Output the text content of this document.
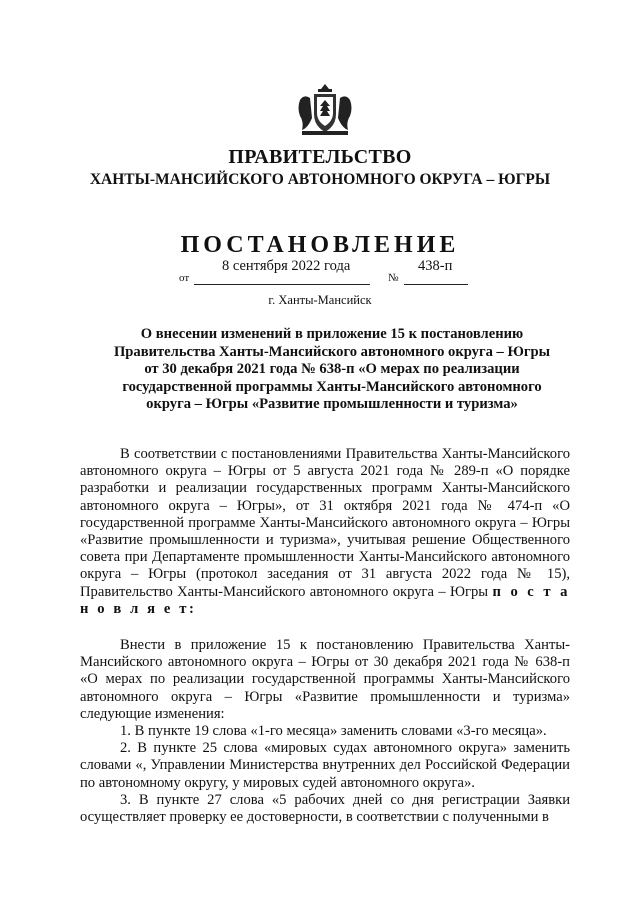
ПРАВИТЕЛЬСТВО
ХАНТЫ-МАНСИЙСКОГО АВТОНОМНОГО ОКРУГА – ЮГРЫ
ПОСТАНОВЛЕНИЕ
от
8 сентября 2022 года
№
438-п
г. Ханты-Мансийск
О внесении изменений в приложение 15 к постановлению
Правительства Ханты-Мансийского автономного округа – Югры
от 30 декабря 2021 года № 638-п «О мерах по реализации
государственной программы Ханты-Мансийского автономного
округа – Югры «Развитие промышленности и туризма»

В соответствии с постановлениями Правительства Ханты-Мансийского автономного округа – Югры от 5 августа 2021 года № 289-п «О порядке разработки и реализации государственных программ Ханты-Мансийского автономного округа – Югры», от 31 октября 2021 года № 474-п «О государственной программе Ханты-Мансийского автономного округа – Югры «Развитие промышленности и туризма», учитывая решение Общественного совета при Департаменте промышленности Ханты-Мансийского автономного округа – Югры (протокол заседания от 31 августа 2022 года № 15), Правительство Ханты-Мансийского автономного округа – Югры п о с т а н о в л я е т:

Внести в приложение 15 к постановлению Правительства Ханты-Мансийского автономного округа – Югры от 30 декабря 2021 года № 638-п «О мерах по реализации государственной программы Ханты-Мансийского автономного округа – Югры «Развитие промышленности и туризма» следующие изменения:

1. В пункте 19 слова «1-го месяца» заменить словами «3-го месяца».

2. В пункте 25 слова «мировых судах автономного округа» заменить словами «, Управлении Министерства внутренних дел Российской Федерации по автономному округу, у мировых судей автономного округа».

3. В пункте 27 слова «5 рабочих дней со дня регистрации Заявки осуществляет проверку ее достоверности, в соответствии с полученными в
